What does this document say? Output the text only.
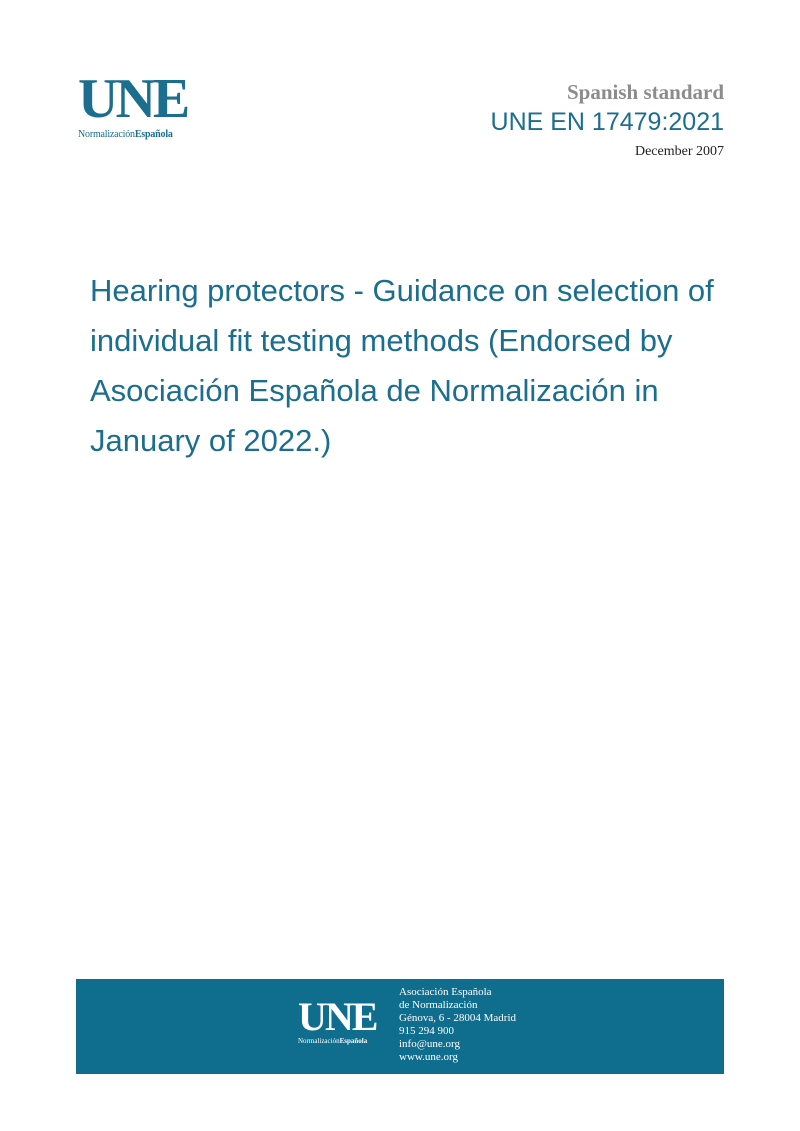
UNE
NormalizaciónEspañola
Spanish standard
UNE EN 17479:2021
December 2007
Hearing protectors - Guidance on selection of individual fit testing methods (Endorsed by Asociación Española de Normalización in January of 2022.)
UNE
NormalizaciónEspañola
Asociación Española
de Normalización
Génova, 6 - 28004 Madrid
915 294 900
info@une.org
www.une.org
